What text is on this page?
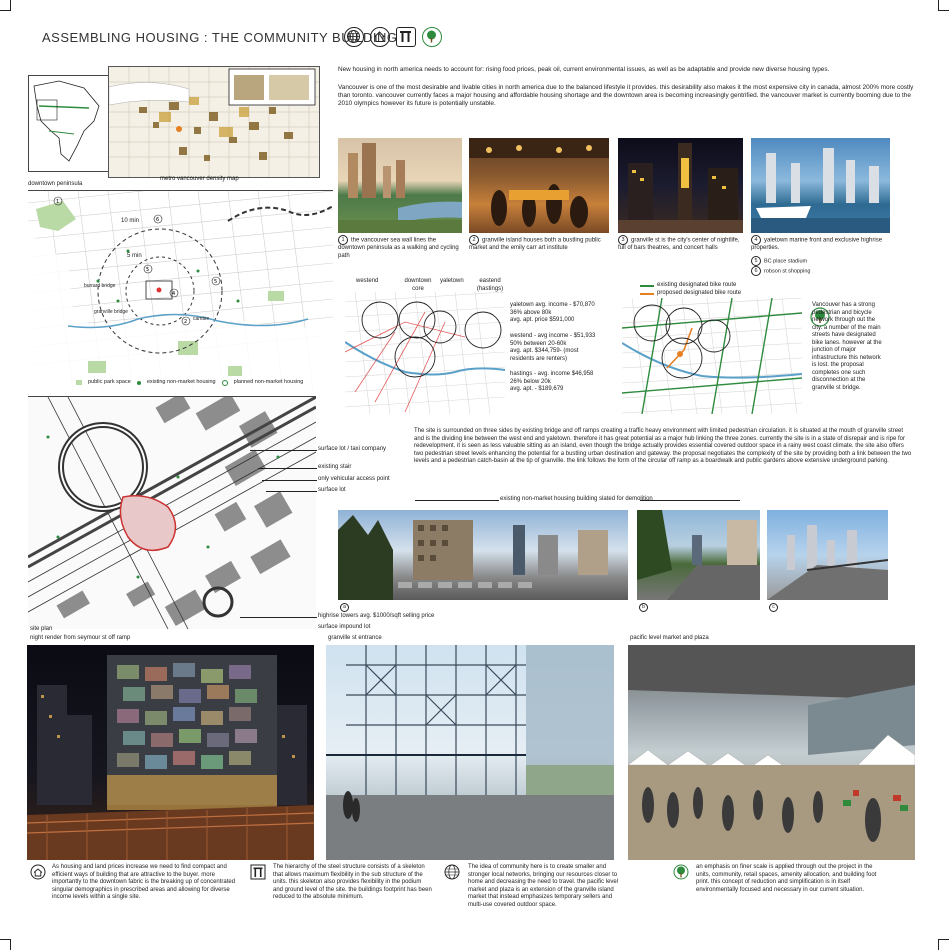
ASSEMBLING HOUSING : THE COMMUNITY BUILDING
New housing in north america needs to account for: rising food prices, peak oil, current environmental issues, as well as be adaptable and provide new diverse housing types.
Vancouver is one of the most desirable and livable cities in north america due to the balanced lifestyle it provides. this desirability also makes it the most expensive city in canada, almost 200% more costly than toronto. vancouver currently faces a major housing and affordable housing shortage and the downtown area is becoming increasingly gentrified. the vancouver market is currently booming due to the 2010 olympics however its future is potentially unstable.
metro vancouver density map
downtown peninsula
1
6
5
4
5
2
10 min
5 min
burrard bridge
granville bridge
cambie
public park space	existing non-market housing	planned non-market housing
1 the vancouver sea wall lines the downtown peninsula as a walking and cycling path
2 granville island houses both a bustling public market and the emily carr art institute
3 granville st is the city's center of nightlife, full of bars theatres, and concert halls
4 yaletown marine front and exclusive highrise properties.
5 BC place stadium
6 robson st shopping
westend	downtown core
yaletown	eastend (hastings)
yaletown avg. income - $70,870
36% above 80k
avg. apt. price $591,000
westend - avg income - $51,933
50% between 20-60k
avg. apt. $344,759- (most
residents are renters)
hastings - avg. income $46,958
26% below 20k
avg. apt. - $189,679
existing designated bike route
proposed designated bike route
Vancouver has a strong pedestrian and bicycle network through out the city. a number of the main streets have designated bike lanes. however at the junction of major infrastructure this network is lost. the proposal completes one such disconnection at the granville st bridge.
surface lot / taxi company
existing stair
only vehicular access point
surface lot
highrise towers avg. $1000/sqft selling price
surface impound lot
site plan
The site is surrounded on three sides by existing bridge and off ramps creating a traffic heavy environment with limited pedestrian circulation. it is situated at the mouth of granville street and is the dividing line between the west end and yaletown. therefore it has great potential as a major hub linking the three zones. currently the site is in a state of disrepair and is ripe for redevelopment. it is seen as less valuable sitting as an island, even though the bridge actually provides essential covered outdoor space in a rainy west coast climate. the site also offers two pedestrian street levels enhancing the potential for a bustling urban destination and gateway. the proposal negotiates the complexity of the site by providing both a link between the two levels and a pedestrian catch-basin at the tip of granville. the link follows the form of the circular off ramp as a boardwalk and public gardens above extensive underground parking.
existing non-market housing building slated for demolition
a	b	c
night render from seymour st off ramp	granville st entrance	pacific level market and plaza
As housing and land prices increase we need to find compact and efficient ways of building that are attractive to the buyer. more importantly to the downtown fabric is the breaking up of concentrated singular demographics in prescribed areas and allowing for diverse income levels within a single site.
The hierarchy of the steel structure consists of a skeleton that allows maximum flexibility in the sub structure of the units. this skeleton also provides flexibility in the podium and ground level of the site. the buildings footprint has been reduced to the absolute minimum.
The idea of community here is to create smaller and stronger local networks, bringing our resources closer to home and decreasing the need to travel. the pacific level market and plaza is an extension of the granville island market that instead emphasizes temporary sellers and multi-use covered outdoor space.
an emphasis on finer scale is applied through out the project in the units, community, retail spaces, amenity allocation, and building foot print. this concept of reduction and simplification is in itself environmentally focused and necessary in our current situation.
